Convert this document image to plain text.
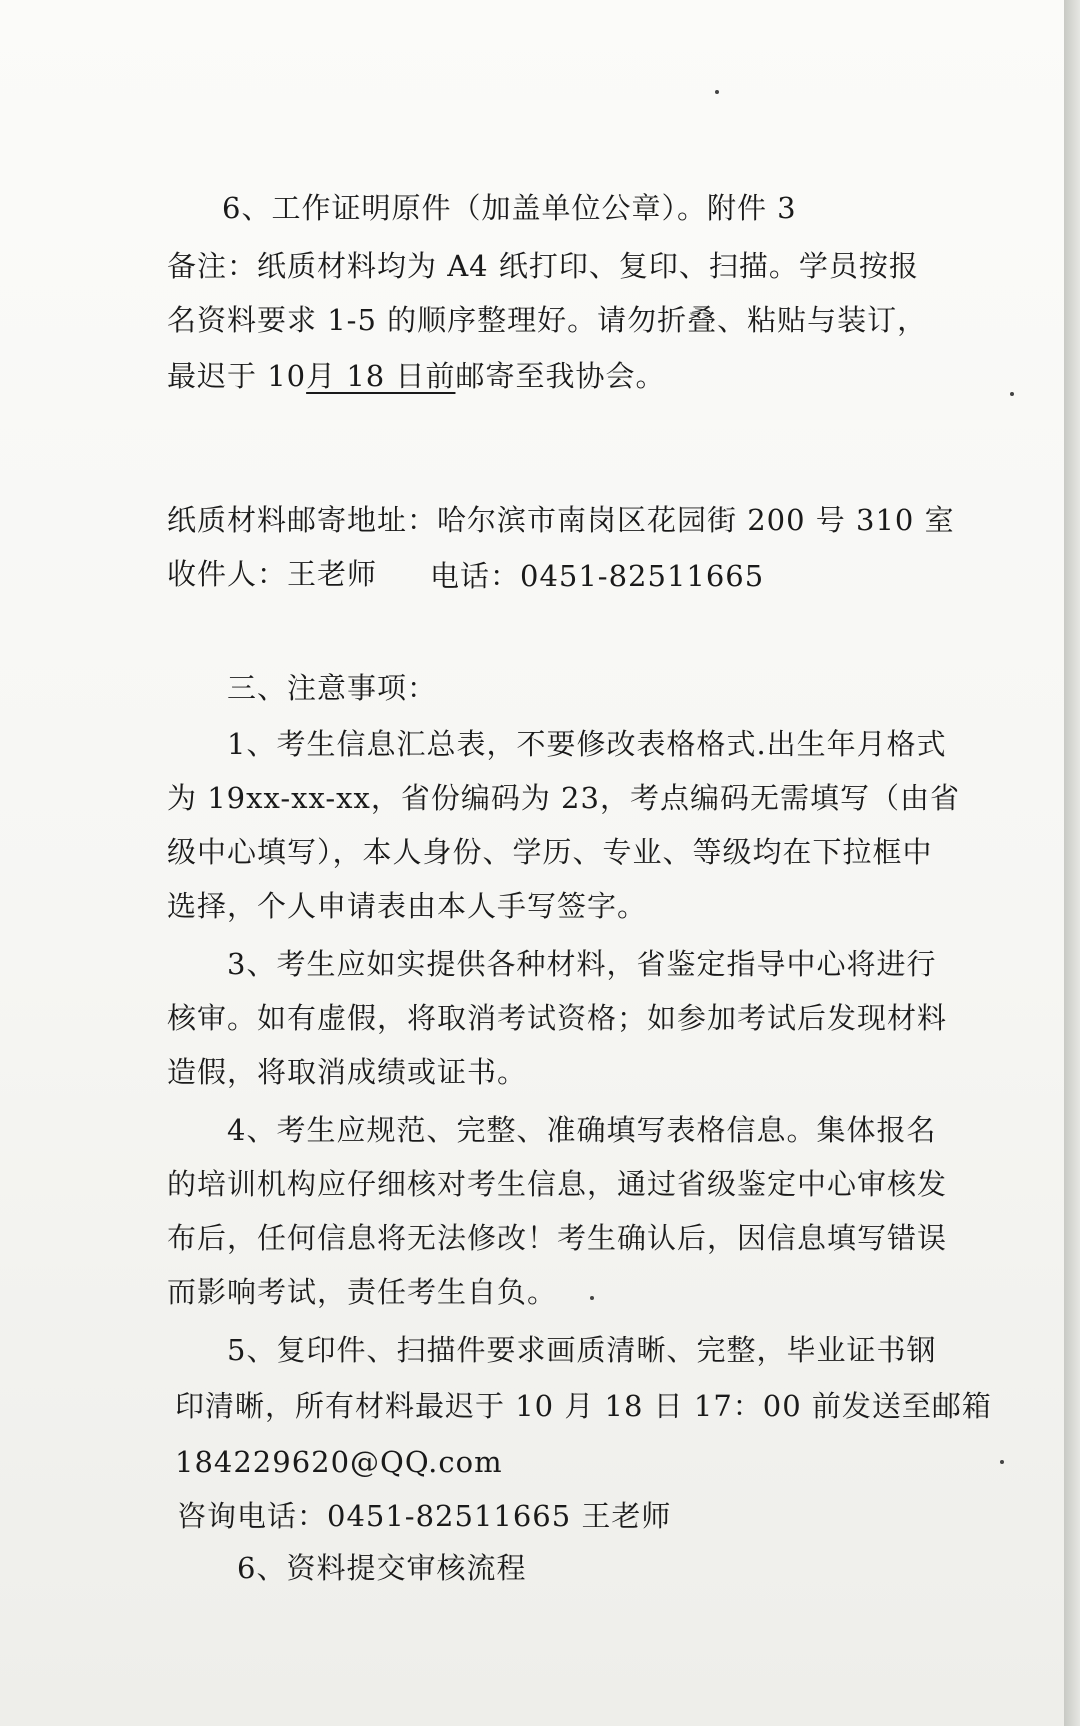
6、工作证明原件（加盖单位公章）。附件 3
备注：纸质材料均为 A4 纸打印、复印、扫描。学员按报
名资料要求 1-5 的顺序整理好。请勿折叠、粘贴与装订，
最迟于 10月 18 日前邮寄至我协会。
纸质材料邮寄地址：哈尔滨市南岗区花园街 200 号 310 室
收件人：王老师 电话：0451-82511665
三、注意事项：
1、考生信息汇总表，不要修改表格格式.出生年月格式
为 19xx-xx-xx，省份编码为 23，考点编码无需填写（由省
级中心填写），本人身份、学历、专业、等级均在下拉框中
选择，个人申请表由本人手写签字。
3、考生应如实提供各种材料，省鉴定指导中心将进行
核审。如有虚假，将取消考试资格；如参加考试后发现材料
造假，将取消成绩或证书。
4、考生应规范、完整、准确填写表格信息。集体报名
的培训机构应仔细核对考生信息，通过省级鉴定中心审核发
布后，任何信息将无法修改！考生确认后，因信息填写错误
而影响考试，责任考生自负。
5、复印件、扫描件要求画质清晰、完整，毕业证书钢
印清晰，所有材料最迟于 10 月 18 日 17：00 前发送至邮箱
184229620@QQ.com
咨询电话：0451-82511665 王老师
6、资料提交审核流程
